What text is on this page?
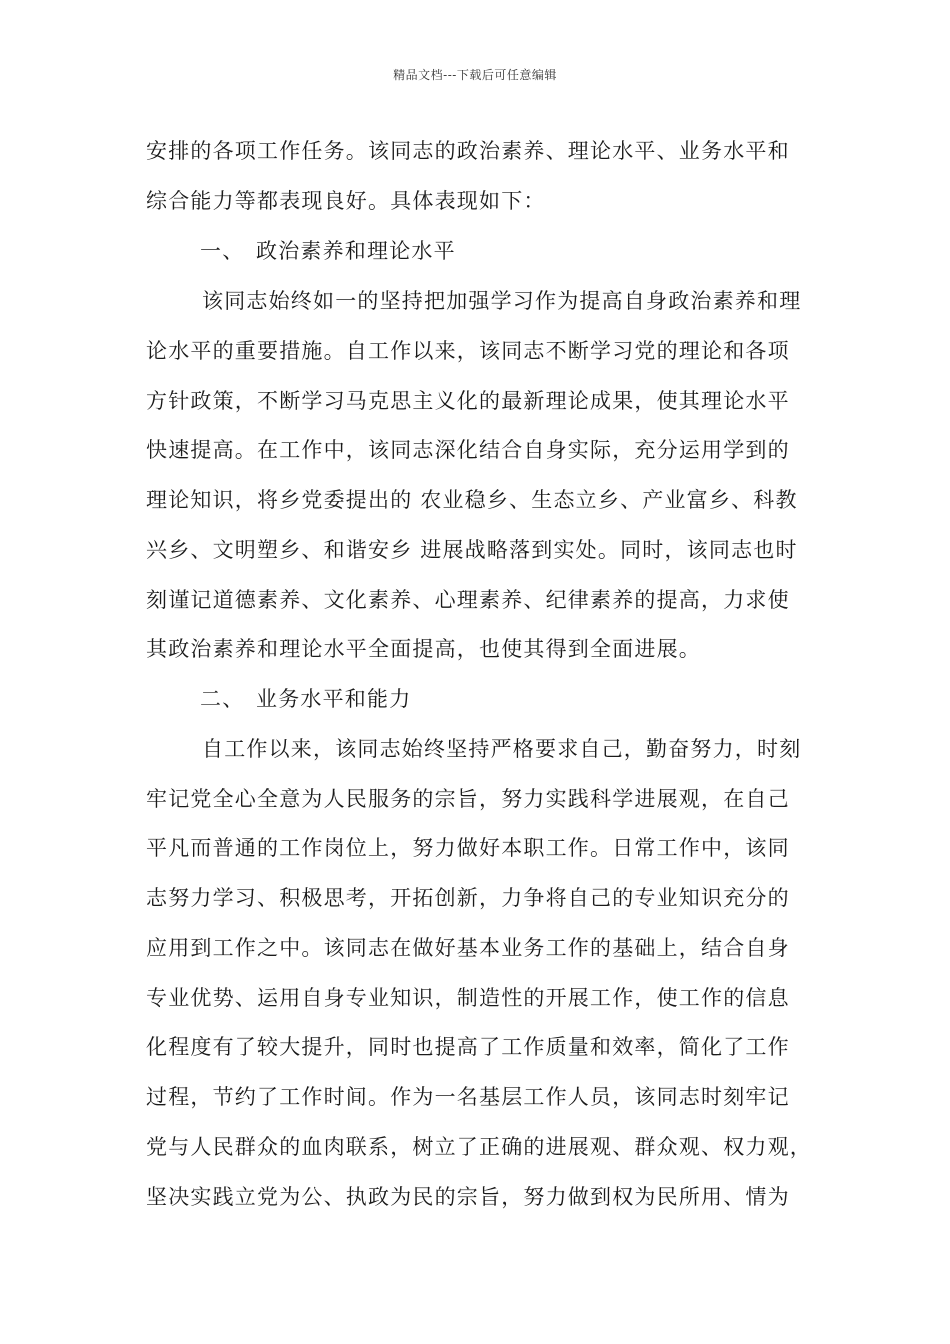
精品文档---下载后可任意编辑
安排的各项工作任务。该同志的政治素养、理论水平、业务水平和
综合能力等都表现良好。具体表现如下：
一、 政治素养和理论水平
该同志始终如一的坚持把加强学习作为提高自身政治素养和理
论水平的重要措施。自工作以来，该同志不断学习党的理论和各项
方针政策，不断学习马克思主义化的最新理论成果，使其理论水平
快速提高。在工作中，该同志深化结合自身实际，充分运用学到的
理论知识，将乡党委提出的 农业稳乡、生态立乡、产业富乡、科教
兴乡、文明塑乡、和谐安乡 进展战略落到实处。同时，该同志也时
刻谨记道德素养、文化素养、心理素养、纪律素养的提高，力求使
其政治素养和理论水平全面提高，也使其得到全面进展。
二、 业务水平和能力
自工作以来，该同志始终坚持严格要求自己，勤奋努力，时刻
牢记党全心全意为人民服务的宗旨，努力实践科学进展观，在自己
平凡而普通的工作岗位上，努力做好本职工作。日常工作中，该同
志努力学习、积极思考，开拓创新，力争将自己的专业知识充分的
应用到工作之中。该同志在做好基本业务工作的基础上，结合自身
专业优势、运用自身专业知识，制造性的开展工作，使工作的信息
化程度有了较大提升，同时也提高了工作质量和效率，简化了工作
过程，节约了工作时间。作为一名基层工作人员，该同志时刻牢记
党与人民群众的血肉联系，树立了正确的进展观、群众观、权力观，
坚决实践立党为公、执政为民的宗旨，努力做到权为民所用、情为
